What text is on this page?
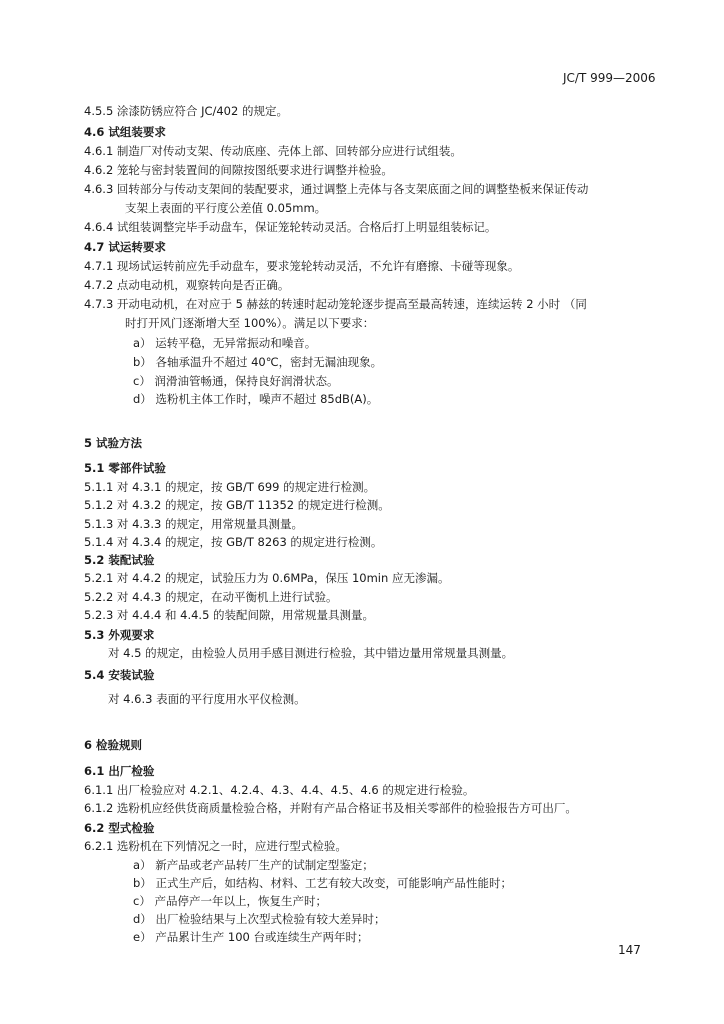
JC/T 999—2006
4.5.5 涂漆防锈应符合 JC/402 的规定。
4.6 试组装要求
4.6.1 制造厂对传动支架、传动底座、壳体上部、回转部分应进行试组装。
4.6.2 笼轮与密封装置间的间隙按图纸要求进行调整并检验。
4.6.3 回转部分与传动支架间的装配要求，通过调整上壳体与各支架底面之间的调整垫板来保证传动
支架上表面的平行度公差值 0.05mm。
4.6.4 试组装调整完毕手动盘车，保证笼轮转动灵活。合格后打上明显组装标记。
4.7 试运转要求
4.7.1 现场试运转前应先手动盘车，要求笼轮转动灵活，不允许有磨擦、卡碰等现象。
4.7.2 点动电动机，观察转向是否正确。
4.7.3 开动电动机，在对应于 5 赫兹的转速时起动笼轮逐步提高至最高转速，连续运转 2 小时 （同
时打开风门逐渐增大至 100%）。满足以下要求：
a） 运转平稳，无异常振动和噪音。
b） 各轴承温升不超过 40℃，密封无漏油现象。
c） 润滑油管畅通，保持良好润滑状态。
d） 选粉机主体工作时，噪声不超过 85dB(A)。
5 试验方法
5.1 零部件试验
5.1.1 对 4.3.1 的规定，按 GB/T 699 的规定进行检测。
5.1.2 对 4.3.2 的规定，按 GB/T 11352 的规定进行检测。
5.1.3 对 4.3.3 的规定，用常规量具测量。
5.1.4 对 4.3.4 的规定，按 GB/T 8263 的规定进行检测。
5.2 装配试验
5.2.1 对 4.4.2 的规定，试验压力为 0.6MPa，保压 10min 应无渗漏。
5.2.2 对 4.4.3 的规定，在动平衡机上进行试验。
5.2.3 对 4.4.4 和 4.4.5 的装配间隙，用常规量具测量。
5.3 外观要求
对 4.5 的规定，由检验人员用手感目测进行检验，其中错边量用常规量具测量。
5.4 安装试验
对 4.6.3 表面的平行度用水平仪检测。
6 检验规则
6.1 出厂检验
6.1.1 出厂检验应对 4.2.1、4.2.4、4.3、4.4、4.5、4.6 的规定进行检验。
6.1.2 选粉机应经供货商质量检验合格，并附有产品合格证书及相关零部件的检验报告方可出厂。
6.2 型式检验
6.2.1 选粉机在下列情况之一时，应进行型式检验。
a） 新产品或老产品转厂生产的试制定型鉴定；
b） 正式生产后，如结构、材料、工艺有较大改变，可能影响产品性能时；
c） 产品停产一年以上，恢复生产时；
d） 出厂检验结果与上次型式检验有较大差异时；
e） 产品累计生产 100 台或连续生产两年时；
147
